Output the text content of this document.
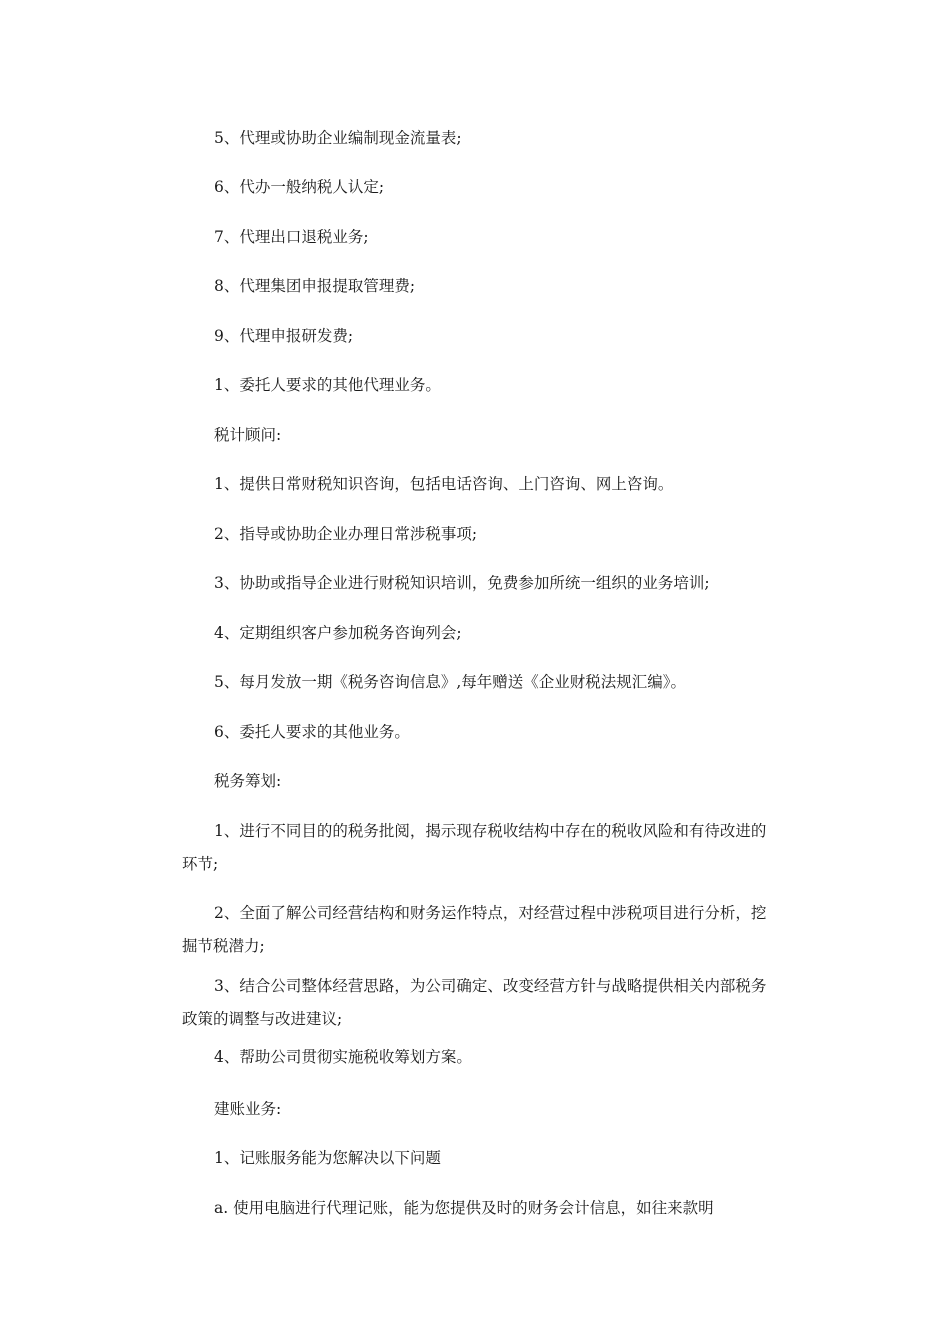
5、代理或协助企业编制现金流量表;

6、代办一般纳税人认定;

7、代理出口退税业务;

8、代理集团申报提取管理费;

9、代理申报研发费;

1、委托人要求的其他代理业务。

税计顾问:

1、提供日常财税知识咨询，包括电话咨询、上门咨询、网上咨询。

2、指导或协助企业办理日常涉税事项;

3、协助或指导企业进行财税知识培训，免费参加所统一组织的业务培训;

4、定期组织客户参加税务咨询列会;

5、每月发放一期《税务咨询信息》,每年赠送《企业财税法规汇编》。

6、委托人要求的其他业务。

税务筹划:

1、进行不同目的的税务批阅，揭示现存税收结构中存在的税收风险和有待改进的环节;

2、全面了解公司经营结构和财务运作特点，对经营过程中涉税项目进行分析，挖掘节税潜力;

3、结合公司整体经营思路，为公司确定、改变经营方针与战略提供相关内部税务政策的调整与改进建议;

4、帮助公司贯彻实施税收筹划方案。

建账业务:

1、记账服务能为您解决以下问题

a. 使用电脑进行代理记账，能为您提供及时的财务会计信息，如往来款明
